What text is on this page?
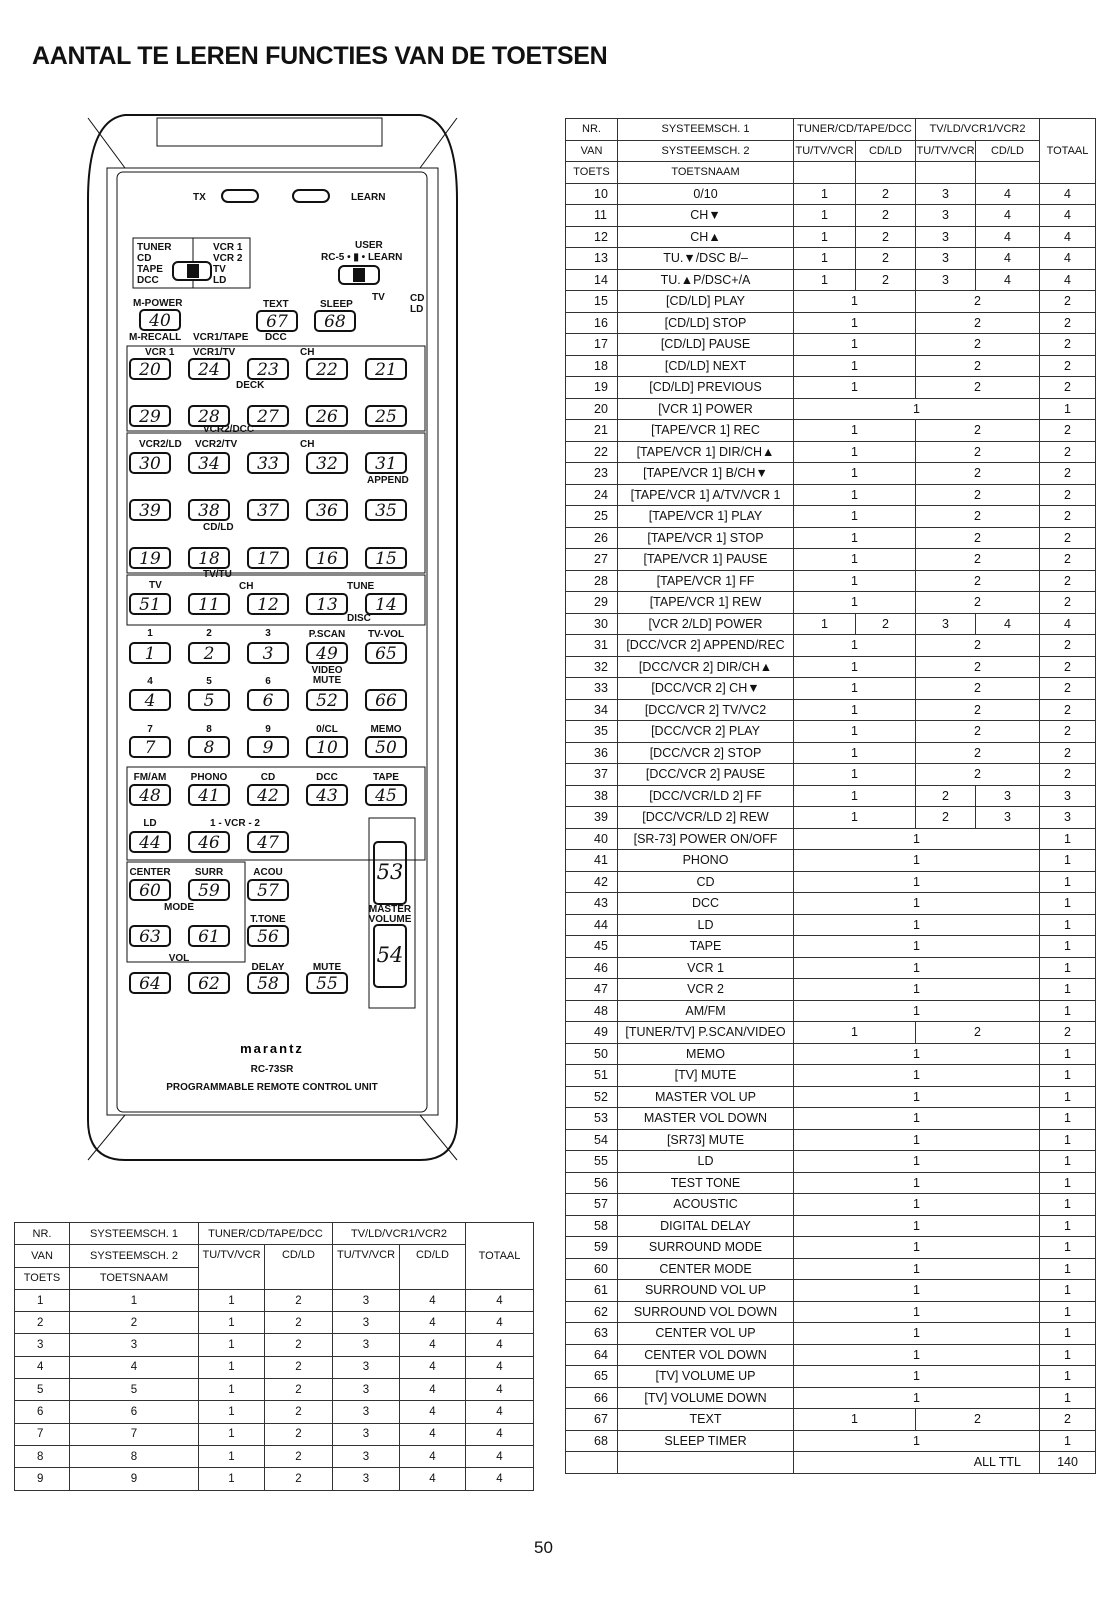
AANTAL TE LEREN FUNCTIES VAN DE TOETSEN
TX	LEARN
TUNER
CD
TAPE
DCC
VCR 1
VCR 2
TV
LD
USER
RC-5 • ▮ • LEARN
40	67 68
20 24 23 22 21
29 28 27 26 25
30 34 33 32 31
39 38 37 36 35
19 18 17 16 15
51 11 12 13 14
1	2	3	49 65
4	5	6	52 66
7	8	9	10 50
48 41 42 43 45
44 46 47
60 59 57
63 61 56
64 62 58 55
53
54
M-POWER	TEXT	SLEEP
M-RECALL VCR1/TAPE DCC
TV
LD
CD
VCR 1 VCR1/TV	CH
DECK
VCR2/DCC
VCR2/LD VCR2/TV	CH
APPEND
CD/LD
TV
TV/TU
CH	TUNE
DISC
1	2	3	P.SCAN TV-VOL
4	5	6
VIDEO
MUTE
7	8	9	0/CL	MEMO
FM/AM PHONO	CD	DCC	TAPE
LD	1 - VCR - 2
CENTER SURR	ACOU
MODE
T.TONE
VOL
DELAY	MUTE
MASTER
VOLUME
marantz
RC-73SR
PROGRAMMABLE REMOTE CONTROL UNIT
NR.	SYSTEEMSCH. 1	TUNER/CD/TAPE/DCC		TV/LD/VCR1/VCR2		TOTAAL
VAN	SYSTEEMSCH. 2	TU/TV/VCR	CD/LD	TU/TV/VCR	CD/LD	
TOETS	TOETSNAAM					
1	1	1	2	3	4	4
2	2	1	2	3	4	4
3	3	1	2	3	4	4
4	4	1	2	3	4	4
5	5	1	2	3	4	4
6	6	1	2	3	4	4
7	7	1	2	3	4	4
8	8	1	2	3	4	4
9	9	1	2	3	4	4
NR.	SYSTEEMSCH. 1	TUNER/CD/TAPE/DCC		TV/LD/VCR1/VCR2		TOTAAL
VAN	SYSTEEMSCH. 2	TU/TV/VCR	CD/LD	TU/TV/VCR	CD/LD	
TOETS	TOETSNAAM					
10	0/10	1	2	3	4	4
11	CH▼	1	2	3	4	4
12	CH▲	1	2	3	4	4
13	TU.▼/DSC B/–	1	2	3	4	4
14	TU.▲P/DSC+/A	1	2	3	4	4
15	[CD/LD] PLAY	1		2		2
16	[CD/LD] STOP	1		2		2
17	[CD/LD] PAUSE	1		2		2
18	[CD/LD] NEXT	1		2		2
19	[CD/LD] PREVIOUS	1		2		2
20	[VCR 1] POWER	1				1
21	[TAPE/VCR 1] REC	1		2		2
22	[TAPE/VCR 1] DIR/CH▲	1		2		2
23	[TAPE/VCR 1] B/CH▼	1		2		2
24	[TAPE/VCR 1] A/TV/VCR 1	1		2		2
25	[TAPE/VCR 1] PLAY	1		2		2
26	[TAPE/VCR 1] STOP	1		2		2
27	[TAPE/VCR 1] PAUSE	1		2		2
28	[TAPE/VCR 1] FF	1		2		2
29	[TAPE/VCR 1] REW	1		2		2
30	[VCR 2/LD] POWER	1	2	3	4	4
31	[DCC/VCR 2] APPEND/REC	1		2		2
32	[DCC/VCR 2] DIR/CH▲	1		2		2
33	[DCC/VCR 2] CH▼	1		2		2
34	[DCC/VCR 2] TV/VC2	1		2		2
35	[DCC/VCR 2] PLAY	1		2		2
36	[DCC/VCR 2] STOP	1		2		2
37	[DCC/VCR 2] PAUSE	1		2		2
38	[DCC/VCR/LD 2] FF	1		2	3	3
39	[DCC/VCR/LD 2] REW	1		2	3	3
40	[SR-73] POWER ON/OFF	1				1
41	PHONO	1				1
42	CD	1				1
43	DCC	1				1
44	LD	1				1
45	TAPE	1				1
46	VCR 1	1				1
47	VCR 2	1				1
48	AM/FM	1				1
49	[TUNER/TV] P.SCAN/VIDEO	1		2		2
50	MEMO	1				1
51	[TV] MUTE	1				1
52	MASTER VOL UP	1				1
53	MASTER VOL DOWN	1				1
54	[SR73] MUTE	1				1
55	LD	1				1
56	TEST TONE	1				1
57	ACOUSTIC	1				1
58	DIGITAL DELAY	1				1
59	SURROUND MODE	1				1
60	CENTER MODE	1				1
61	SURROUND VOL UP	1				1
62	SURROUND VOL DOWN	1				1
63	CENTER VOL UP	1				1
64	CENTER VOL DOWN	1				1
65	[TV] VOLUME UP	1				1
66	[TV] VOLUME DOWN	1				1
67	TEXT	1		2		2
68	SLEEP TIMER	1				1
		ALL TTL				140
50
